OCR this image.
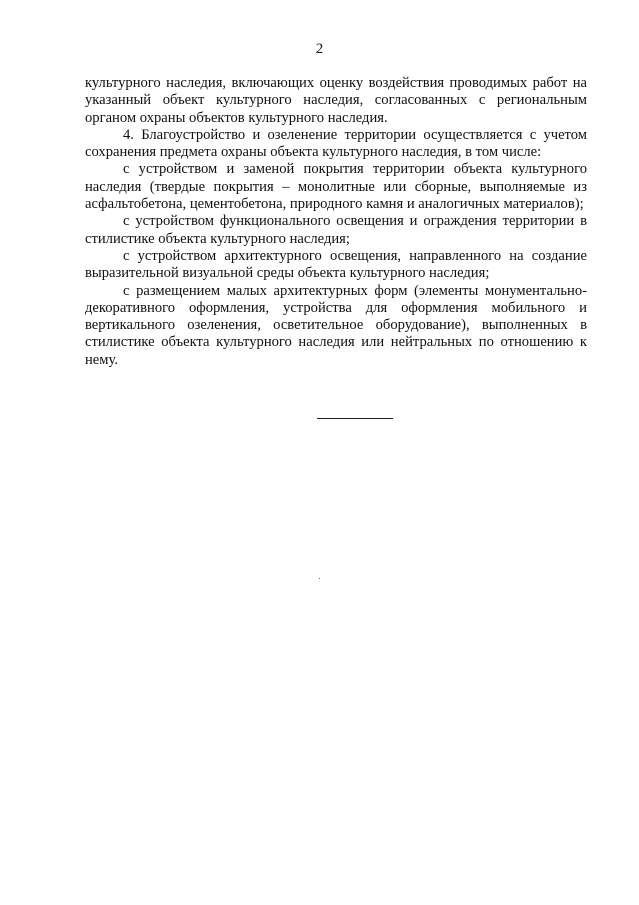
2

культурного наследия, включающих оценку воздействия проводимых работ на указанный объект культурного наследия, согласованных с региональным органом охраны объектов культурного наследия.

4. Благоустройство и озеленение территории осуществляется с учетом сохранения предмета охраны объекта культурного наследия, в том числе:

с устройством и заменой покрытия территории объекта культурного наследия (твердые покрытия – монолитные или сборные, выполняемые из асфальтобетона, цементобетона, природного камня и аналогичных материалов);

с устройством функционального освещения и ограждения территории в стилистике объекта культурного наследия;

с устройством архитектурного освещения, направленного на создание выразительной визуальной среды объекта культурного наследия;

с размещением малых архитектурных форм (элементы монументально-декоративного оформления, устройства для оформления мобильного и вертикального озеленения, осветительное оборудование), выполненных в стилистике объекта культурного наследия или нейтральных по отношению к нему.
